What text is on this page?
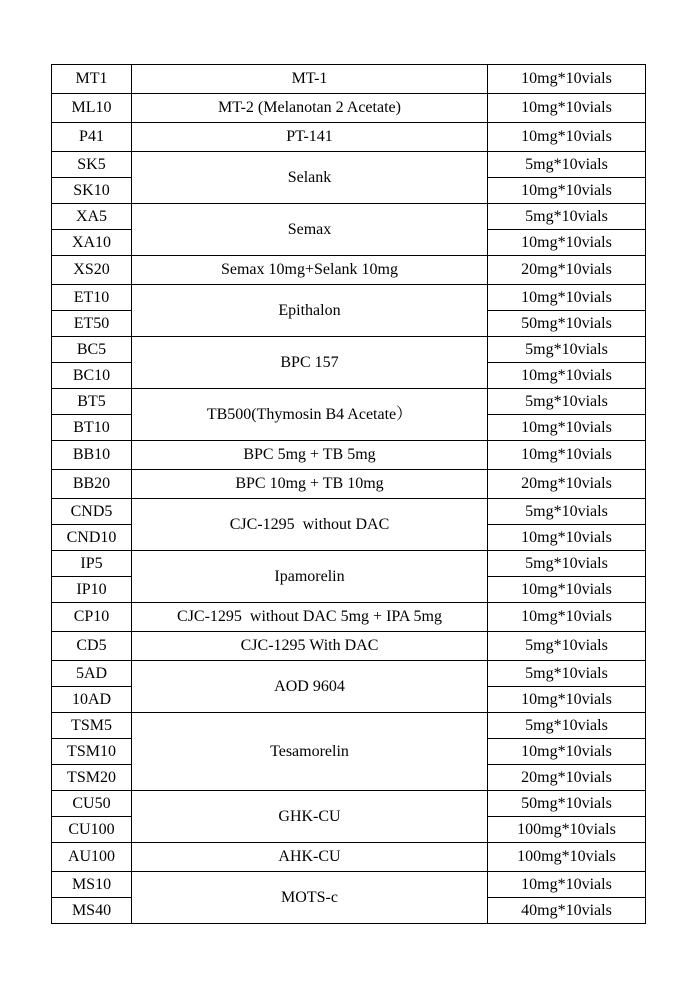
MT1	MT-1	10mg*10vials
ML10	MT-2 (Melanotan 2 Acetate)	10mg*10vials
P41	PT-141	10mg*10vials
SK5	Selank	5mg*10vials
SK10		10mg*10vials
XA5	Semax	5mg*10vials
XA10		10mg*10vials
XS20	Semax 10mg+Selank 10mg	20mg*10vials
ET10	Epithalon	10mg*10vials
ET50		50mg*10vials
BC5	BPC 157	5mg*10vials
BC10		10mg*10vials
BT5	TB500(Thymosin B4 Acetate）	5mg*10vials
BT10		10mg*10vials
BB10	BPC 5mg + TB 5mg	10mg*10vials
BB20	BPC 10mg + TB 10mg	20mg*10vials
CND5	CJC-1295  without DAC	5mg*10vials
CND10		10mg*10vials
IP5	Ipamorelin	5mg*10vials
IP10		10mg*10vials
CP10	CJC-1295  without DAC 5mg + IPA 5mg	10mg*10vials
CD5	CJC-1295 With DAC	5mg*10vials
5AD	AOD 9604	5mg*10vials
10AD		10mg*10vials
TSM5	Tesamorelin	5mg*10vials
TSM10		10mg*10vials
TSM20		20mg*10vials
CU50	GHK-CU	50mg*10vials
CU100		100mg*10vials
AU100	AHK-CU	100mg*10vials
MS10	MOTS-c	10mg*10vials
MS40		40mg*10vials
